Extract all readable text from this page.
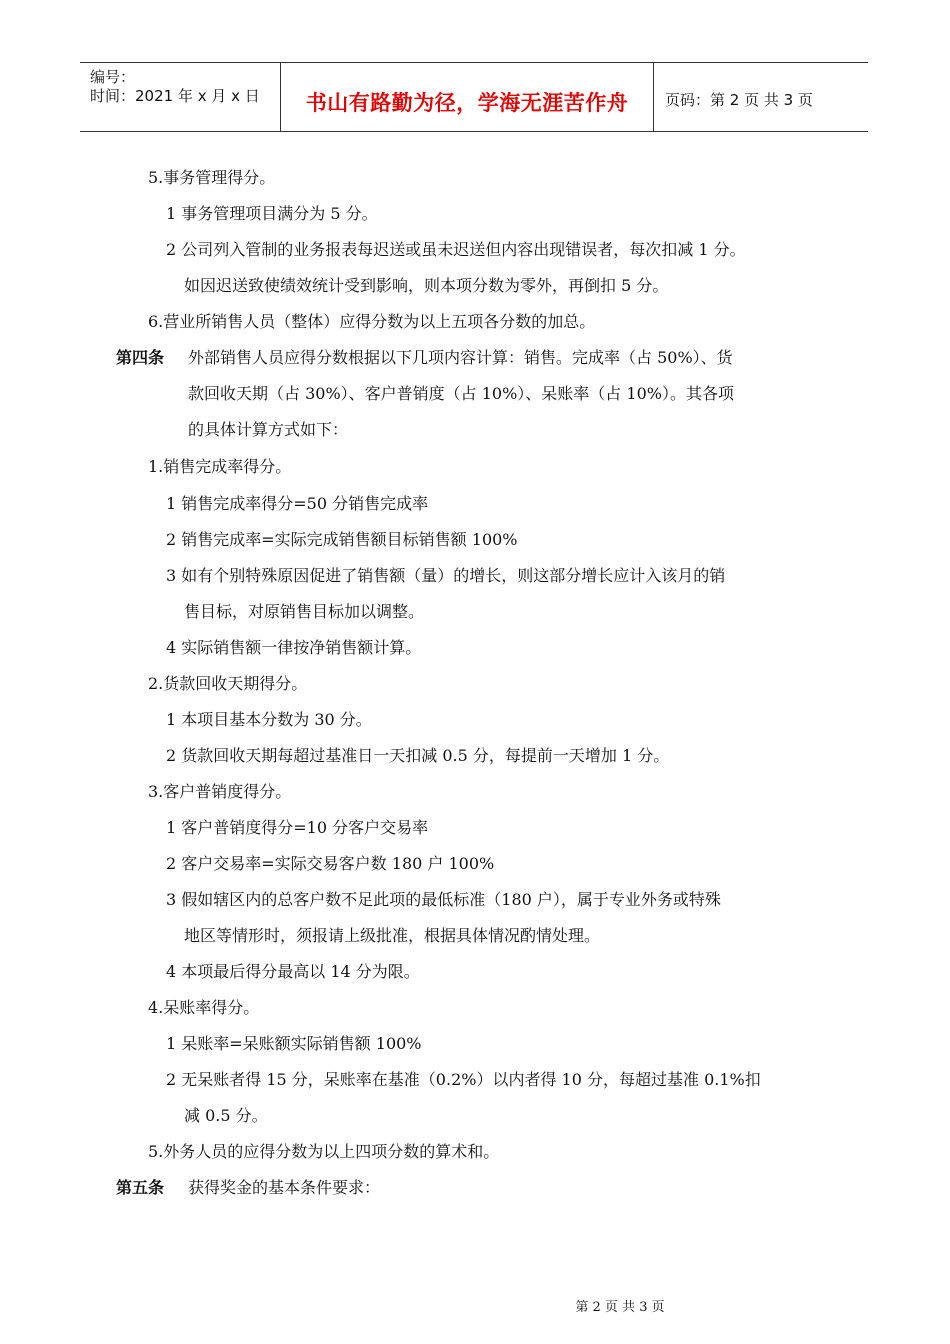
编号：
时间：2021 年 x 月 x 日	书山有路勤为径，学海无涯苦作舟	页码：第 2 页 共 3 页
5.事务管理得分。
1 事务管理项目满分为 5 分。
2 公司列入管制的业务报表每迟送或虽未迟送但内容出现错误者，每次扣减 1 分。
如因迟送致使绩效统计受到影响，则本项分数为零外，再倒扣 5 分。
6.营业所销售人员（整体）应得分数为以上五项各分数的加总。
第四条 外部销售人员应得分数根据以下几项内容计算：销售。完成率（占 50%）、货
款回收天期（占 30%）、客户普销度（占 10%）、呆账率（占 10%）。其各项
的具体计算方式如下：
1.销售完成率得分。
1 销售完成率得分=50 分销售完成率
2 销售完成率=实际完成销售额目标销售额 100%
3 如有个别特殊原因促进了销售额（量）的增长，则这部分增长应计入该月的销
售目标，对原销售目标加以调整。
4 实际销售额一律按净销售额计算。
2.货款回收天期得分。
1 本项目基本分数为 30 分。
2 货款回收天期每超过基准日一天扣减 0.5 分，每提前一天增加 1 分。
3.客户普销度得分。
1 客户普销度得分=10 分客户交易率
2 客户交易率=实际交易客户数 180 户 100%
3 假如辖区内的总客户数不足此项的最低标准（180 户），属于专业外务或特殊
地区等情形时，须报请上级批准，根据具体情况酌情处理。
4 本项最后得分最高以 14 分为限。
4.呆账率得分。
1 呆账率=呆账额实际销售额 100%
2 无呆账者得 15 分，呆账率在基准（0.2%）以内者得 10 分，每超过基准 0.1%扣
减 0.5 分。
5.外务人员的应得分数为以上四项分数的算术和。
第五条 获得奖金的基本条件要求：
第 2 页 共 3 页
